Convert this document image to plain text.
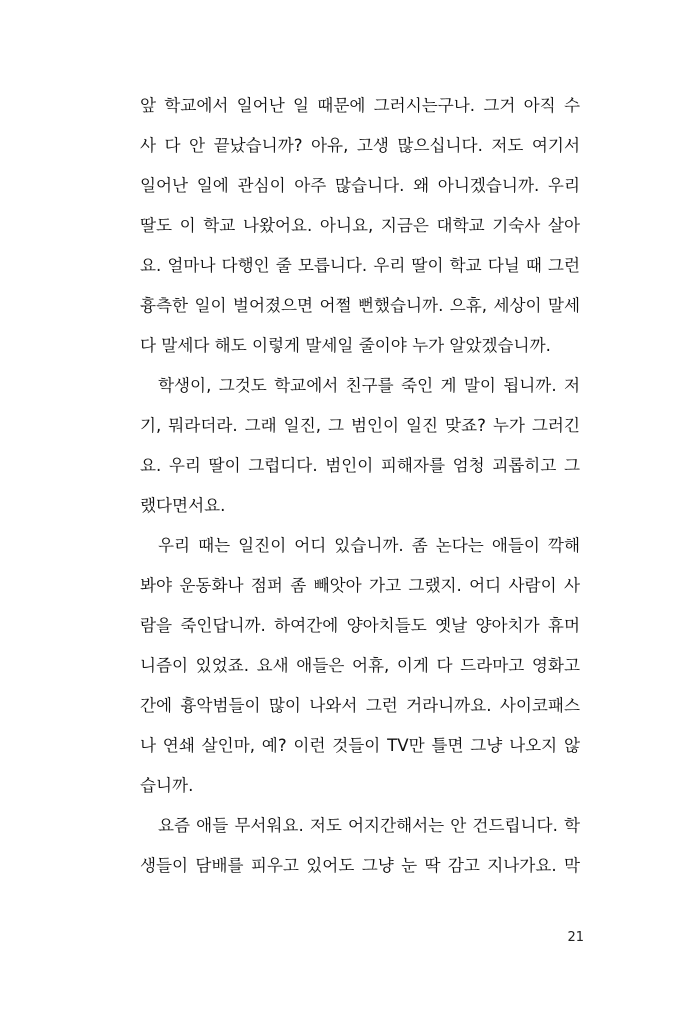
앞 학교에서 일어난 일 때문에 그러시는구나. 그거 아직 수
사 다 안 끝났습니까? 아유, 고생 많으십니다. 저도 여기서
일어난 일에 관심이 아주 많습니다. 왜 아니겠습니까. 우리
딸도 이 학교 나왔어요. 아니요, 지금은 대학교 기숙사 살아
요. 얼마나 다행인 줄 모릅니다. 우리 딸이 학교 다닐 때 그런
흉측한 일이 벌어졌으면 어쩔 뻔했습니까. 으휴, 세상이 말세
다 말세다 해도 이렇게 말세일 줄이야 누가 알았겠습니까.
학생이, 그것도 학교에서 친구를 죽인 게 말이 됩니까. 저
기, 뭐라더라. 그래 일진, 그 범인이 일진 맞죠? 누가 그러긴
요. 우리 딸이 그럽디다. 범인이 피해자를 엄청 괴롭히고 그
랬다면서요.
우리 때는 일진이 어디 있습니까. 좀 논다는 애들이 깍해
봐야 운동화나 점퍼 좀 빼앗아 가고 그랬지. 어디 사람이 사
람을 죽인답니까. 하여간에 양아치들도 옛날 양아치가 휴머
니즘이 있었죠. 요새 애들은 어휴, 이게 다 드라마고 영화고
간에 흉악범들이 많이 나와서 그런 거라니까요. 사이코패스
나 연쇄 살인마, 예? 이런 것들이 TV만 틀면 그냥 나오지 않
습니까.
요즘 애들 무서워요. 저도 어지간해서는 안 건드립니다. 학
생들이 담배를 피우고 있어도 그냥 눈 딱 감고 지나가요. 막
21
